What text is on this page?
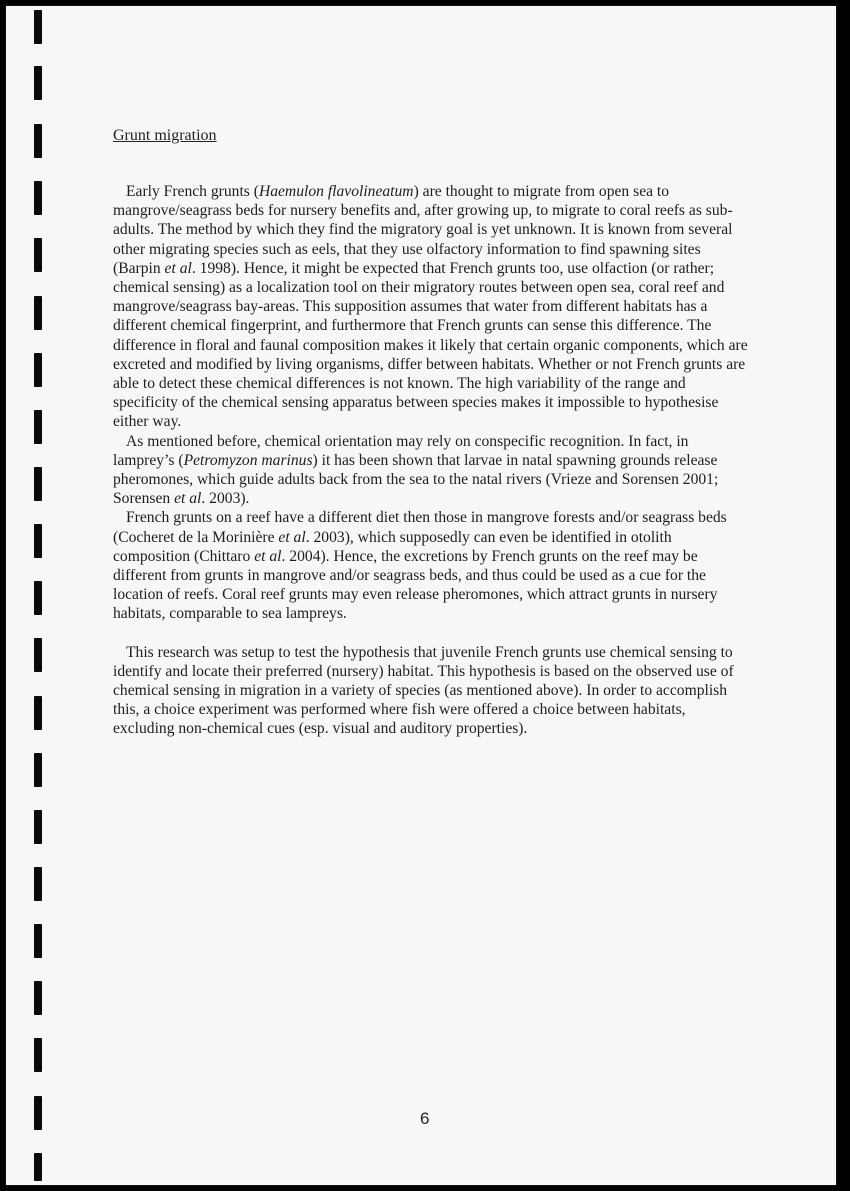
Grunt migration

Early French grunts (Haemulon flavolineatum) are thought to migrate from open sea to mangrove/seagrass beds for nursery benefits and, after growing up, to migrate to coral reefs as sub-adults. The method by which they find the migratory goal is yet unknown. It is known from several other migrating species such as eels, that they use olfactory information to find spawning sites (Barpin et al. 1998). Hence, it might be expected that French grunts too, use olfaction (or rather; chemical sensing) as a localization tool on their migratory routes between open sea, coral reef and mangrove/seagrass bay-areas. This supposition assumes that water from different habitats has a different chemical fingerprint, and furthermore that French grunts can sense this difference. The difference in floral and faunal composition makes it likely that certain organic components, which are excreted and modified by living organisms, differ between habitats. Whether or not French grunts are able to detect these chemical differences is not known. The high variability of the range and specificity of the chemical sensing apparatus between species makes it impossible to hypothesise either way.

As mentioned before, chemical orientation may rely on conspecific recognition. In fact, in lamprey’s (Petromyzon marinus) it has been shown that larvae in natal spawning grounds release pheromones, which guide adults back from the sea to the natal rivers (Vrieze and Sorensen 2001; Sorensen et al. 2003).

French grunts on a reef have a different diet then those in mangrove forests and/or seagrass beds (Cocheret de la Morinière et al. 2003), which supposedly can even be identified in otolith composition (Chittaro et al. 2004). Hence, the excretions by French grunts on the reef may be different from grunts in mangrove and/or seagrass beds, and thus could be used as a cue for the location of reefs. Coral reef grunts may even release pheromones, which attract grunts in nursery habitats, comparable to sea lampreys.

This research was setup to test the hypothesis that juvenile French grunts use chemical sensing to identify and locate their preferred (nursery) habitat. This hypothesis is based on the observed use of chemical sensing in migration in a variety of species (as mentioned above). In order to accomplish this, a choice experiment was performed where fish were offered a choice between habitats, excluding non-chemical cues (esp. visual and auditory properties).

6
